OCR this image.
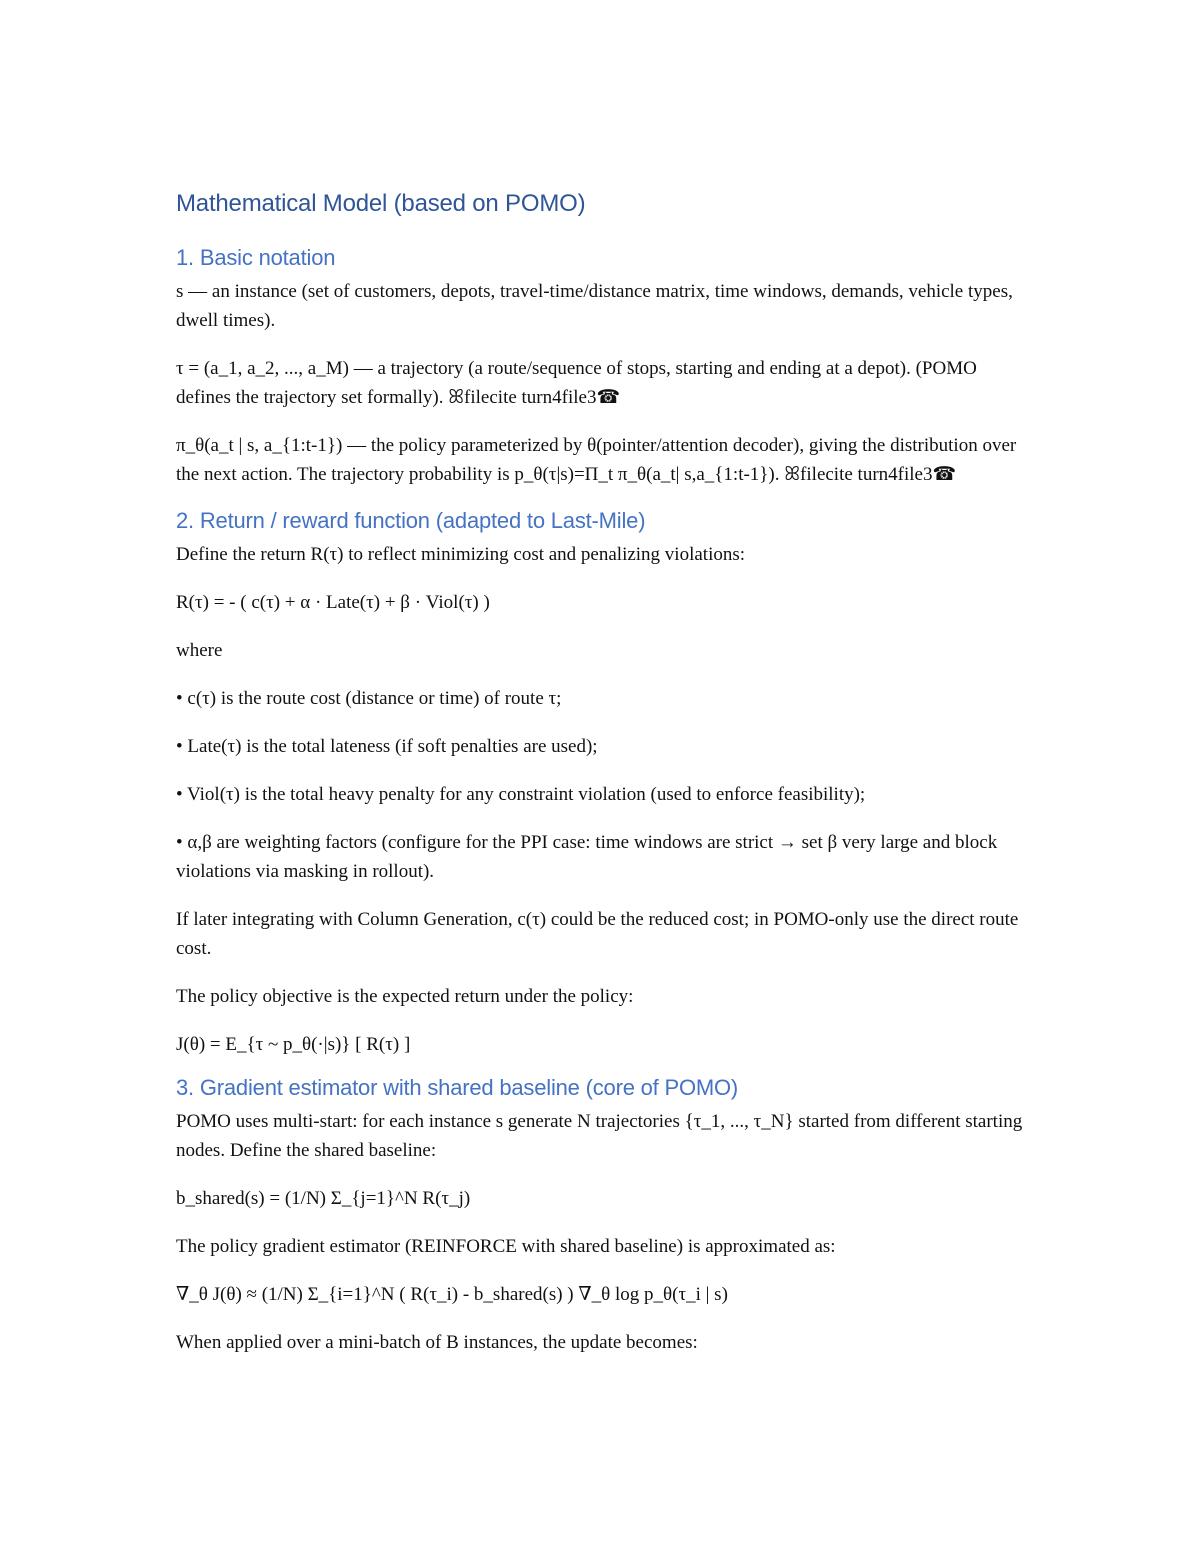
Mathematical Model (based on POMO)
1. Basic notation

s — an instance (set of customers, depots, travel-time/distance matrix, time windows, demands, vehicle types, dwell times).

τ = (a_1, a_2, ..., a_M) — a trajectory (a route/sequence of stops, starting and ending at a depot). (POMO defines the trajectory set formally). ꕤfilecite turn4file3☎

π_θ(a_t | s, a_{1:t-1}) — the policy parameterized by θ(pointer/attention decoder), giving the distribution over the next action. The trajectory probability is p_θ(τ|s)=Π_t π_θ(a_t| s,a_{1:t-1}). ꕤfilecite turn4file3☎

2. Return / reward function (adapted to Last-Mile)

Define the return R(τ) to reflect minimizing cost and penalizing violations:

R(τ) = - ( c(τ) + α · Late(τ) + β · Viol(τ) )

where

• c(τ) is the route cost (distance or time) of route τ;

• Late(τ) is the total lateness (if soft penalties are used);

• Viol(τ) is the total heavy penalty for any constraint violation (used to enforce feasibility);

• α,β are weighting factors (configure for the PPI case: time windows are strict → set β very large and block violations via masking in rollout).

If later integrating with Column Generation, c(τ) could be the reduced cost; in POMO-only use the direct route cost.

The policy objective is the expected return under the policy:

J(θ) = E_{τ ~ p_θ(·|s)} [ R(τ) ]

3. Gradient estimator with shared baseline (core of POMO)

POMO uses multi-start: for each instance s generate N trajectories {τ_1, ..., τ_N} started from different starting nodes. Define the shared baseline:

b_shared(s) = (1/N) Σ_{j=1}^N R(τ_j)

The policy gradient estimator (REINFORCE with shared baseline) is approximated as:

∇_θ J(θ) ≈ (1/N) Σ_{i=1}^N ( R(τ_i) - b_shared(s) ) ∇_θ log p_θ(τ_i | s)

When applied over a mini-batch of B instances, the update becomes:
